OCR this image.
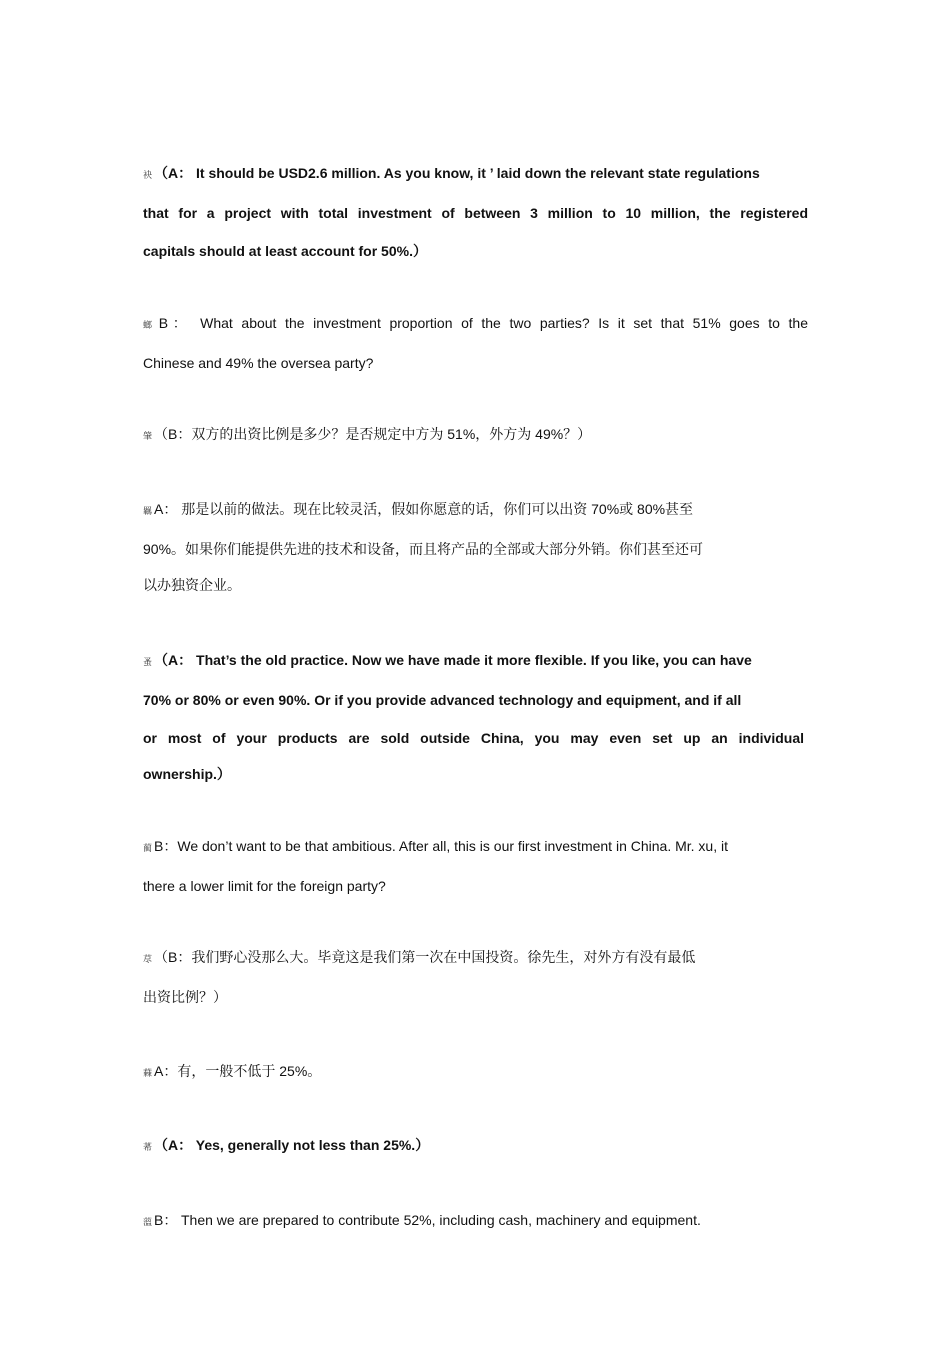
袂 （A： It should be USD2.6 million. As you know, it ’ laid down the relevant state regulations
that for a project with total investment of between 3 million to 10 million, the registered
capitals should at least account for 50%.）
螂 B： What about the investment proportion of the two parties? Is it set that 51% goes to the
Chinese and 49% the oversea party?
肇 （B：双方的出资比例是多少？是否规定中方为 51%，外方为 49%？）
羈 A： 那是以前的做法。现在比较灵活，假如你愿意的话，你们可以出资 70%或 80%甚至
90%。如果你们能提供先进的技术和设备，而且将产品的全部或大部分外销。你们甚至还可
以办独资企业。
蚤 （A： That’s the old practice. Now we have made it more flexible. If you like, you can have
70% or 80% or even 90%. Or if you provide advanced technology and equipment, and if all
or most of your products are sold outside China, you may even set up an individual
ownership.）
蔺 B：We don’t want to be that ambitious. After all, this is our first investment in China. Mr. xu, it
there a lower limit for the foreign party?
荩 （B：我们野心没那么大。毕竟这是我们第一次在中国投资。徐先生，对外方有没有最低
出资比例？）
蕀 A：有，一般不低于 25%。
莃 （A： Yes, generally not less than 25%.）
薀 B： Then we are prepared to contribute 52%, including cash, machinery and equipment.
